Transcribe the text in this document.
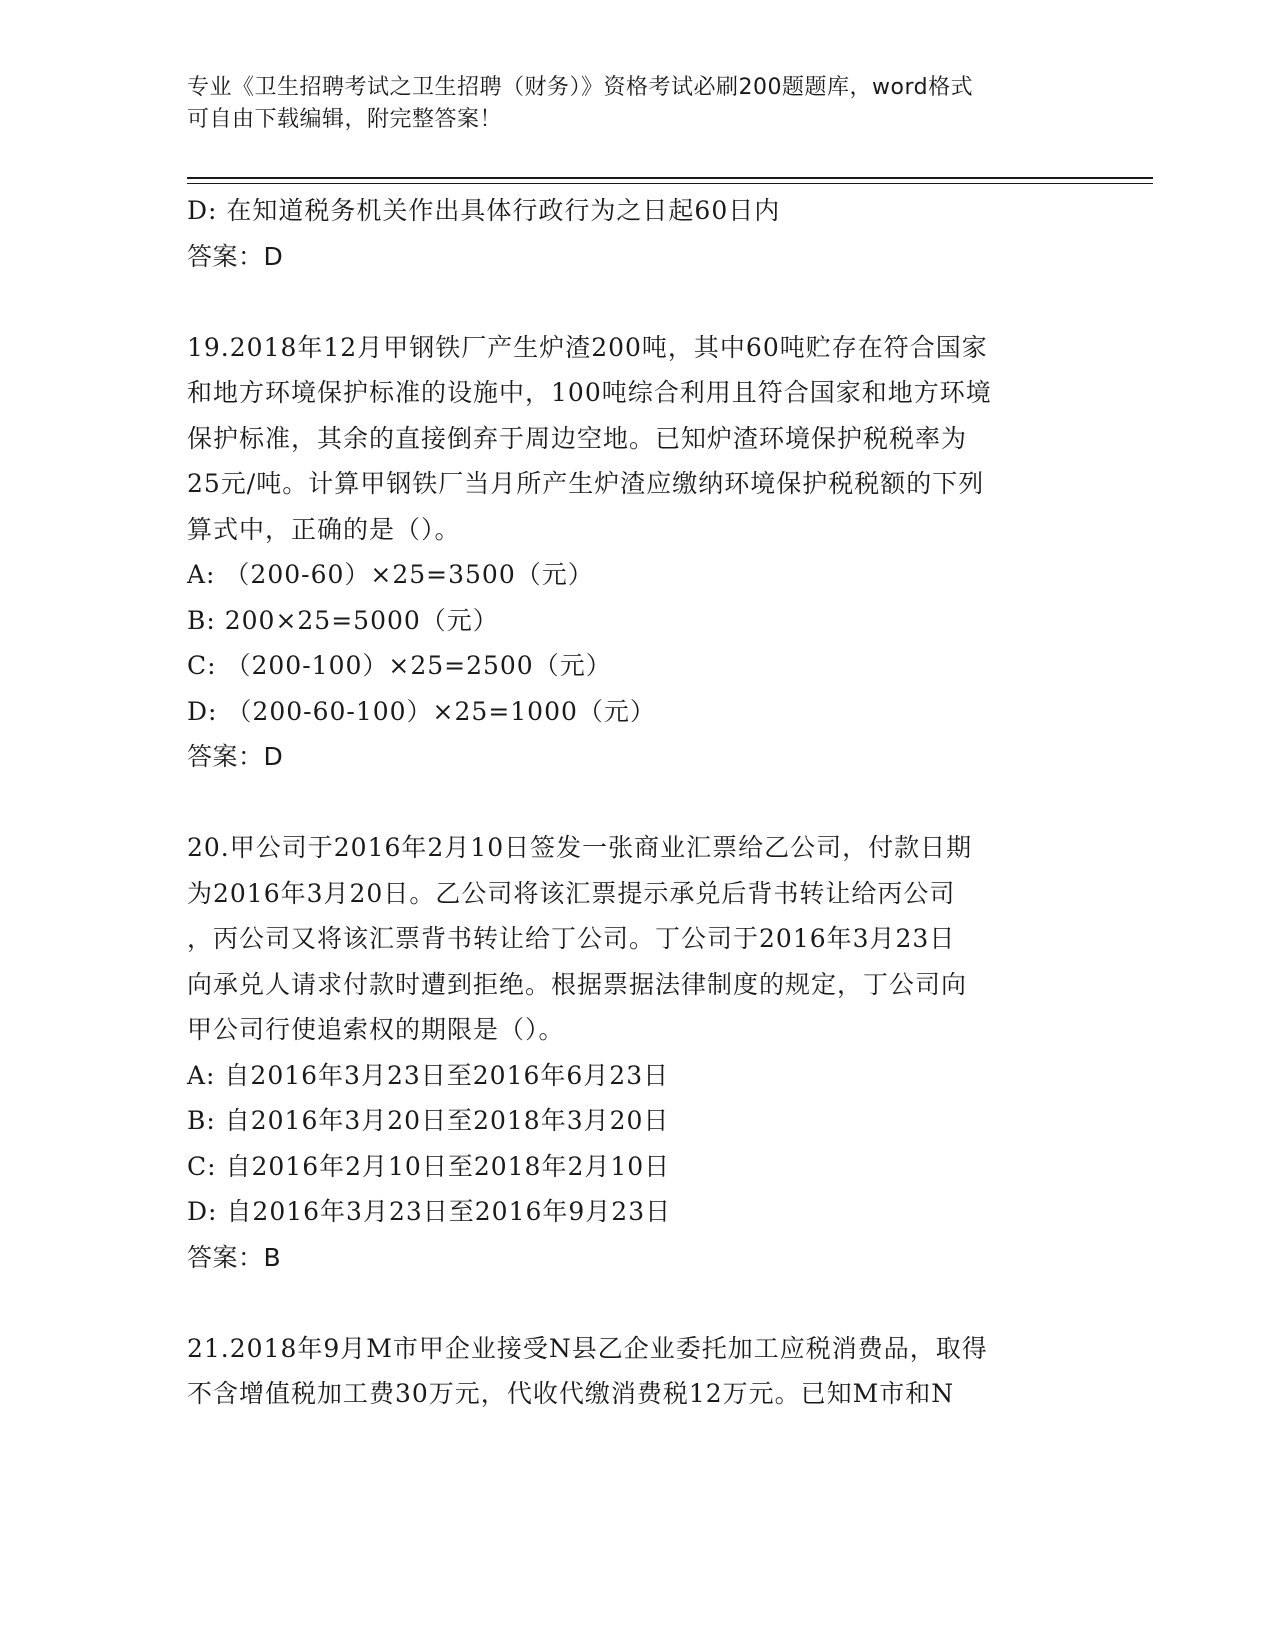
专业《卫生招聘考试之卫生招聘（财务）》资格考试必刷200题题库，word格式
可自由下载编辑，附完整答案！

D: 在知道税务机关作出具体行政行为之日起60日内

答案：D

19.2018年12月甲钢铁厂产生炉渣200吨，其中60吨贮存在符合国家

和地方环境保护标准的设施中，100吨综合利用且符合国家和地方环境

保护标准，其余的直接倒弃于周边空地。已知炉渣环境保护税税率为

25元/吨。计算甲钢铁厂当月所产生炉渣应缴纳环境保护税税额的下列

算式中，正确的是（）。

A: （200-60）×25=3500（元）

B: 200×25=5000（元）

C: （200-100）×25=2500（元）

D: （200-60-100）×25=1000（元）

答案：D

20.甲公司于2016年2月10日签发一张商业汇票给乙公司，付款日期

为2016年3月20日。乙公司将该汇票提示承兑后背书转让给丙公司

，丙公司又将该汇票背书转让给丁公司。丁公司于2016年3月23日

向承兑人请求付款时遭到拒绝。根据票据法律制度的规定，丁公司向

甲公司行使追索权的期限是（）。

A: 自2016年3月23日至2016年6月23日

B: 自2016年3月20日至2018年3月20日

C: 自2016年2月10日至2018年2月10日

D: 自2016年3月23日至2016年9月23日

答案：B

21.2018年9月M市甲企业接受N县乙企业委托加工应税消费品，取得

不含增值税加工费30万元，代收代缴消费税12万元。已知M市和N
